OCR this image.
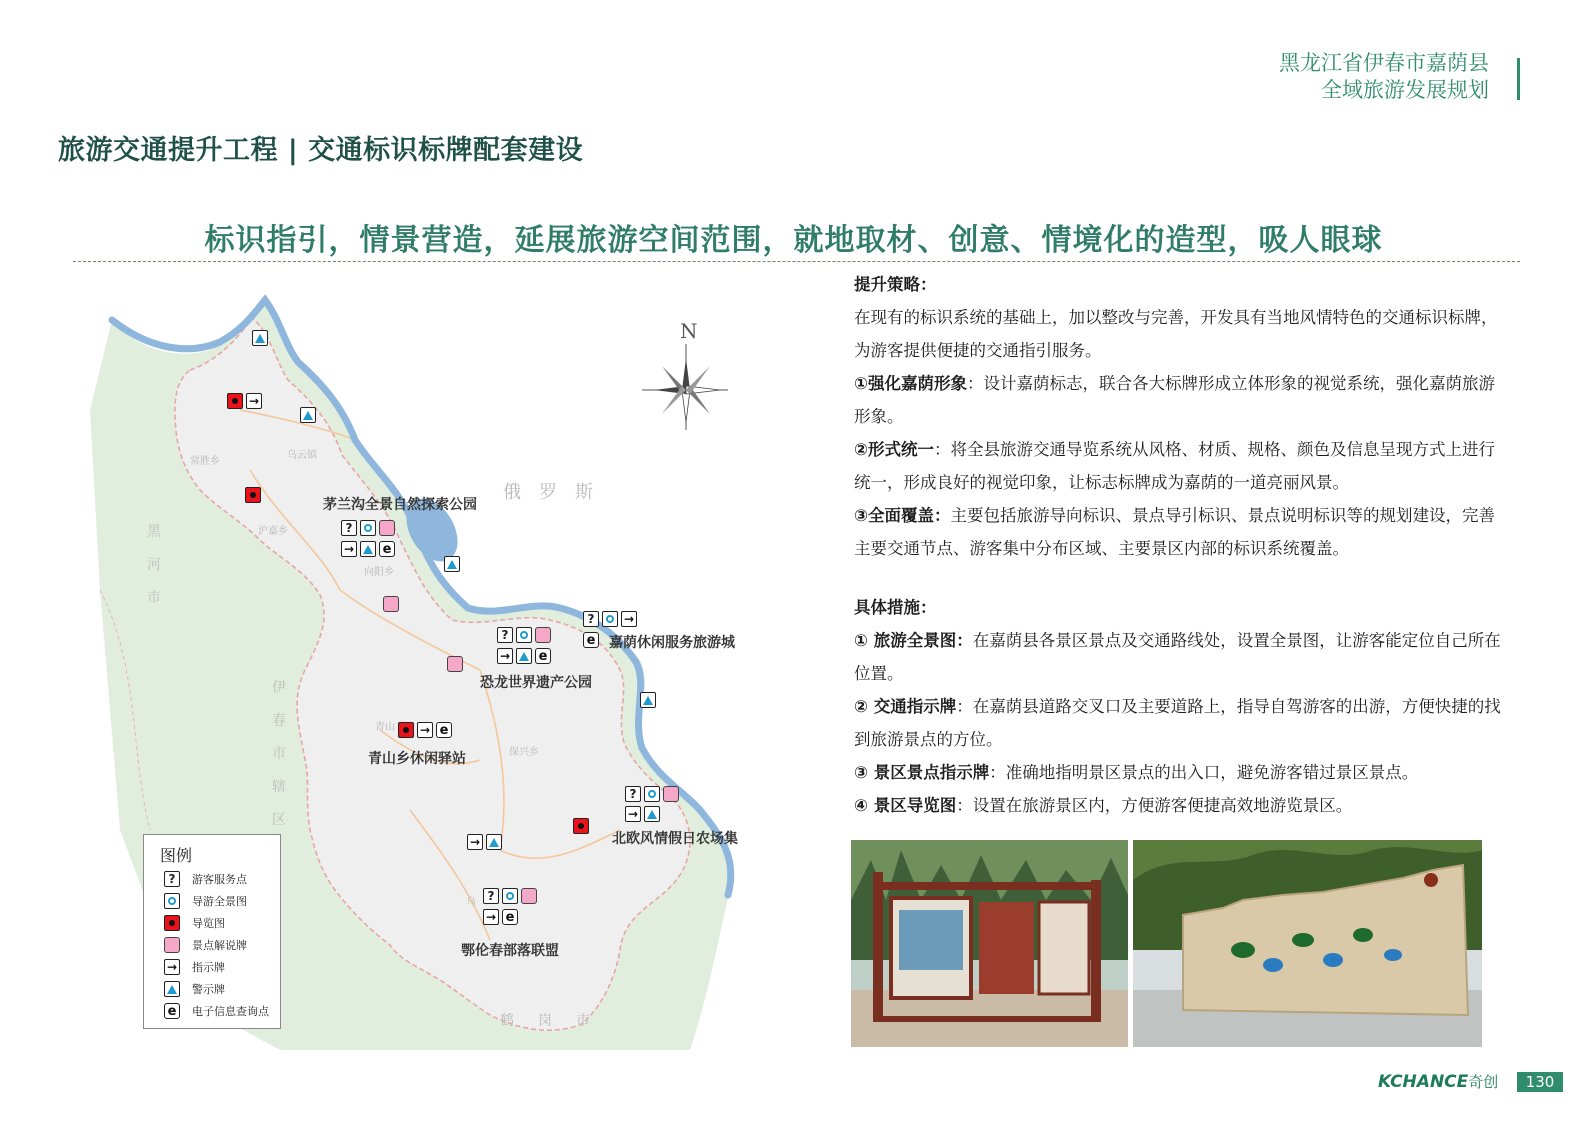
黑龙江省伊春市嘉荫县
全域旅游发展规划
旅游交通提升工程 | 交通标识标牌配套建设
标识指引，情景营造，延展旅游空间范围，就地取材、创意、情境化的造型，吸人眼球
常胜乡
乌云镇
沪嘉乡
向阳乡
青山
保兴乡
乌
俄罗斯
黑河市
伊春市辖区
鹤岗市
N
茅兰沟全景自然探索公园
嘉荫休闲服务旅游城
恐龙世界遗产公园
青山乡休闲驿站
北欧风情假日农场集
鄂伦春部落联盟
→
?
→ e
?	→
e
?
→ e
→ e
?
→
→
?
→ e
图例
?	游客服务点
导游全景图
导览图
景点解说牌
→ 指示牌
警示牌
e	电子信息查询点

提升策略：

在现有的标识系统的基础上，加以整改与完善，开发具有当地风情特色的交通标识标牌，为游客提供便捷的交通指引服务。

①强化嘉荫形象：设计嘉荫标志，联合各大标牌形成立体形象的视觉系统，强化嘉荫旅游形象。

②形式统一：将全县旅游交通导览系统从风格、材质、规格、颜色及信息呈现方式上进行统一，形成良好的视觉印象，让标志标牌成为嘉荫的一道亮丽风景。

③全面覆盖：主要包括旅游导向标识、景点导引标识、景点说明标识等的规划建设，完善主要交通节点、游客集中分布区域、主要景区内部的标识系统覆盖。

具体措施：

① 旅游全景图：在嘉荫县各景区景点及交通路线处，设置全景图，让游客能定位自己所在位置。

② 交通指示牌：在嘉荫县道路交叉口及主要道路上，指导自驾游客的出游，方便快捷的找到旅游景点的方位。

③ 景区景点指示牌：准确地指明景区景点的出入口，避免游客错过景区景点。

④ 景区导览图：设置在旅游景区内，方便游客便捷高效地游览景区。

KCHANCE奇创	130
